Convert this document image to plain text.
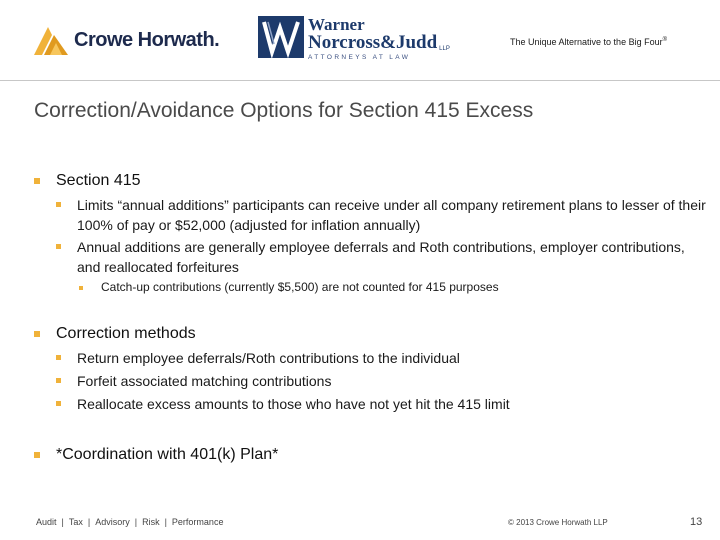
Crowe Horwath.
Warner
Norcross&Judd LLP
ATTORNEYS AT LAW
The Unique Alternative to the Big Four®
Correction/Avoidance Options for Section 415 Excess
Section 415
Limits “annual additions” participants can receive under all company retirement plans to lesser of their 100% of pay or $52,000 (adjusted for inflation annually)
Annual additions are generally employee deferrals and Roth contributions, employer contributions, and reallocated forfeitures
Catch-up contributions (currently $5,500) are not counted for 415 purposes
Correction methods
Return employee deferrals/Roth contributions to the individual
Forfeit associated matching contributions
Reallocate excess amounts to those who have not yet hit the 415 limit
*Coordination with 401(k) Plan*
Audit | Tax | Advisory | Risk | Performance	© 2013 Crowe Horwath LLP	13
